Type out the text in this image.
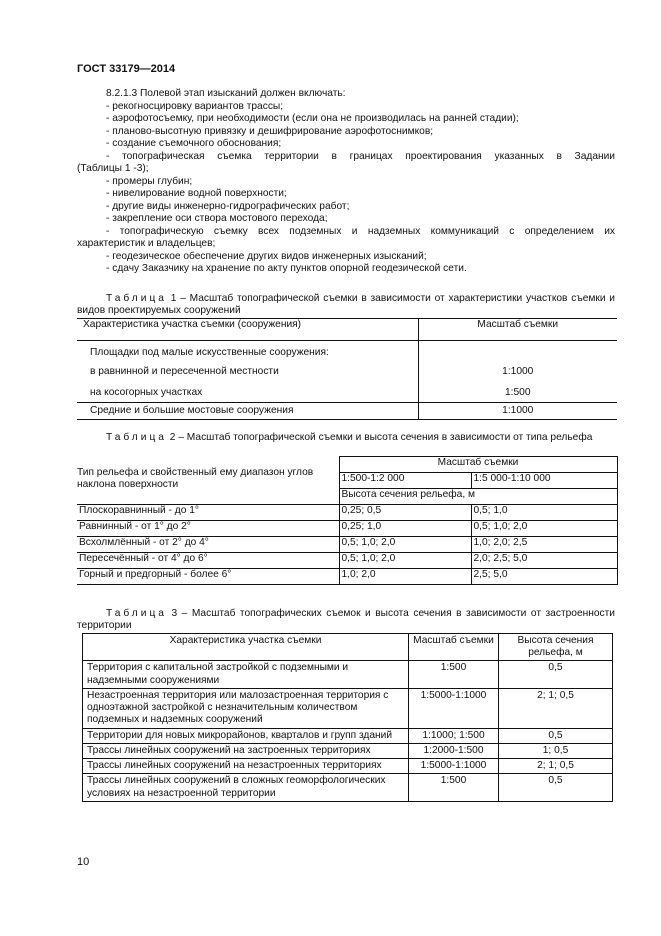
ГОСТ 33179—2014
8.2.1.3 Полевой этап изысканий должен включать:
- рекогносцировку вариантов трассы;
- аэрофотосъемку, при необходимости (если она не производилась на ранней стадии);
- планово-высотную привязку и дешифрирование аэрофотоснимков;
- создание съемочного обоснования;
- топографическая съемка территории в границах проектирования указанных в Задании
(Таблицы 1 -3);
- промеры глубин;
- нивелирование водной поверхности;
- другие виды инженерно-гидрографических работ;
- закрепление оси створа мостового перехода;
- топографическую съемку всех подземных и надземных коммуникаций с определением их
характеристик и владельцев;
- геодезическое обеспечение других видов инженерных изысканий;
- сдачу Заказчику на хранение по акту пунктов опорной геодезической сети.
Таблица 1 – Масштаб топографической съемки в зависимости от характеристики участков съемки и видов проектируемых сооружений
Характеристика участка съемки (сооружения)	Масштаб съемки
Площадки под малые искусственные сооружения:	
в равнинной и пересеченной местности	1:1000
на косогорных участках	1:500
Средние и большие мостовые сооружения	1:1000
Таблица 2 – Масштаб топографической съемки и высота сечения в зависимости от типа рельефа
Тип рельефа и свойственный ему диапазон углов наклона поверхности	Масштаб съемки	
	1:500-1:2 000	1:5 000-1:10 000
	Высота сечения рельефа, м	
Плоскоравнинный - до 1°	0,25; 0,5	0,5; 1,0
Равнинный - от 1° до 2°	0,25; 1,0	0,5; 1,0; 2,0
Всхолмлённый - от 2° до 4°	0,5; 1,0; 2,0	1,0; 2,0; 2,5
Пересечённый - от 4° до 6°	0,5; 1,0; 2,0	2,0; 2,5; 5,0
Горный и предгорный - более 6°	1,0; 2,0	2,5; 5,0
Таблица 3 – Масштаб топографических съемок и высота сечения в зависимости от застроенности территории
Характеристика участка съемки	Масштаб съемки	Высота сечения рельефа, м
Территория с капитальной застройкой с подземными и надземными сооружениями	1:500	0,5
Незастроенная территория или малозастроенная территория с одноэтажной застройкой с незначительным количеством подземных и надземных сооружений	1:5000-1:1000	2; 1; 0,5
Территории для новых микрорайонов, кварталов и групп зданий	1:1000; 1:500	0,5
Трассы линейных сооружений на застроенных территориях	1:2000-1:500	1; 0,5
Трассы линейных сооружений на незастроенных территориях	1:5000-1:1000	2; 1; 0,5
Трассы линейных сооружений в сложных геоморфологических условиях на незастроенной территории	1:500	0,5
10
